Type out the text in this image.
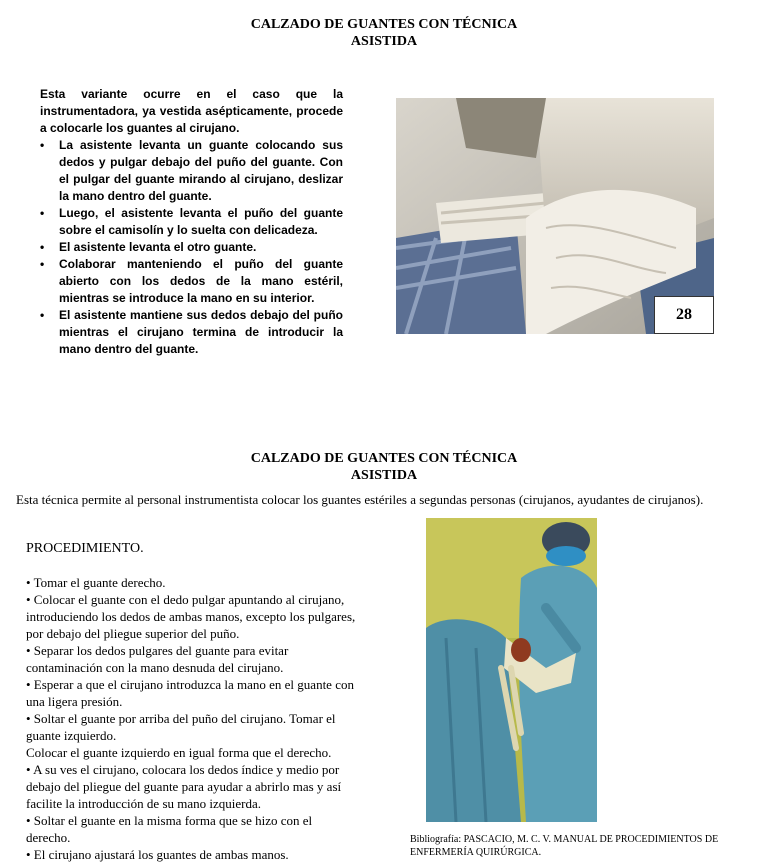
CALZADO DE GUANTES CON TÉCNICA
ASISTIDA

Esta variante ocurre en el caso que la instrumentadora, ya vestida asépticamente, procede a colocarle los guantes al cirujano.

• La asistente levanta un guante colocando sus dedos y pulgar debajo del puño del guante. Con el pulgar del guante mirando al cirujano, deslizar la mano dentro del guante.
• Luego, el asistente levanta el puño del guante sobre el camisolín y lo suelta con delicadeza.
• El asistente levanta el otro guante.
• Colaborar manteniendo el puño del guante abierto con los dedos de la mano estéril, mientras se introduce la mano en su interior.
• El asistente mantiene sus dedos debajo del puño mientras el cirujano termina de introducir la mano dentro del guante.
28
CALZADO DE GUANTES CON TÉCNICA
ASISTIDA
Esta técnica permite al personal instrumentista colocar los guantes estériles a segundas personas (cirujanos, ayudantes de cirujanos).

PROCEDIMIENTO.

• Tomar el guante derecho.
• Colocar el guante con el dedo pulgar apuntando al cirujano,
introduciendo los dedos de ambas manos, excepto los pulgares,
por debajo del pliegue superior del puño.
• Separar los dedos pulgares del guante para evitar
contaminación con la mano desnuda del cirujano.
• Esperar a que el cirujano introduzca la mano en el guante con
una ligera presión.
• Soltar el guante por arriba del puño del cirujano. Tomar el
guante izquierdo.
Colocar el guante izquierdo en igual forma que el derecho.
• A su ves el cirujano, colocara los dedos índice y medio por
debajo del pliegue del guante para ayudar a abrirlo mas y así
facilite la introducción de su mano izquierda.
• Soltar el guante en la misma forma que se hizo con el
derecho.
• El cirujano ajustará los guantes de ambas manos.
Bibliografía: PASCACIO, M. C. V. MANUAL DE PROCEDIMIENTOS DE
ENFERMERÍA QUIRÚRGICA.
